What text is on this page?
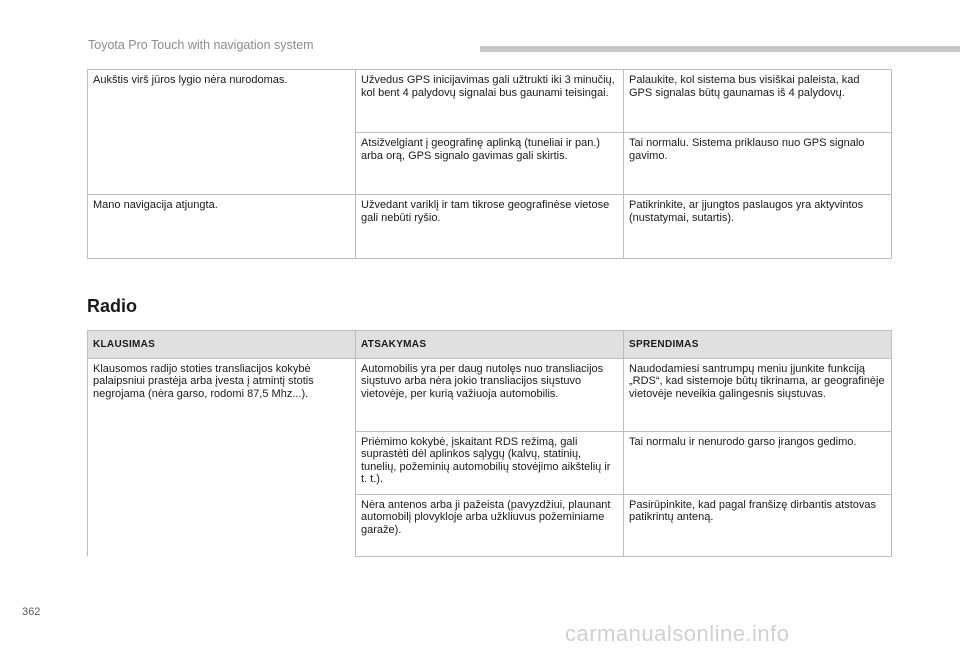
Toyota Pro Touch with navigation system
Aukštis virš jūros lygio nėra nurodomas.	Užvedus GPS inicijavimas gali užtrukti iki 3 minučių, kol bent 4 palydovų signalai bus gaunami teisingai.	Palaukite, kol sistema bus visiškai paleista, kad GPS signalas būtų gaunamas iš 4 palydovų.
	Atsižvelgiant į geografinę aplinką (tuneliai ir pan.) arba orą, GPS signalo gavimas gali skirtis.	Tai normalu. Sistema priklauso nuo GPS signalo gavimo.
Mano navigacija atjungta.	Užvedant variklį ir tam tikrose geografinėse vietose gali nebūti ryšio.	Patikrinkite, ar įjungtos paslaugos yra aktyvintos (nustatymai, sutartis).
Radio
KLAUSIMAS	ATSAKYMAS	SPRENDIMAS
Klausomos radijo stoties transliacijos kokybė palaipsniui prastėja arba įvesta į atmintį stotis negrojama (nėra garso, rodomi 87,5 Mhz...).	Automobilis yra per daug nutolęs nuo transliacijos siųstuvo arba nėra jokio transliacijos siųstuvo vietovėje, per kurią važiuoja automobilis.	Naudodamiesi santrumpų meniu įjunkite funkciją „RDS“, kad sistemoje būtų tikrinama, ar geografinėje vietovėje neveikia galingesnis siųstuvas.
	Priėmimo kokybė, įskaitant RDS režimą, gali suprastėti dėl aplinkos sąlygų (kalvų, statinių, tunelių, požeminių automobilių stovėjimo aikštelių ir t. t.).	Tai normalu ir nenurodo garso įrangos gedimo.
	Nėra antenos arba ji pažeista (pavyzdžiui, plaunant automobilį plovykloje arba užkliuvus požeminiame garaže).	Pasirūpinkite, kad pagal franšizę dirbantis atstovas patikrintų anteną.
362
carmanualsonline.info
